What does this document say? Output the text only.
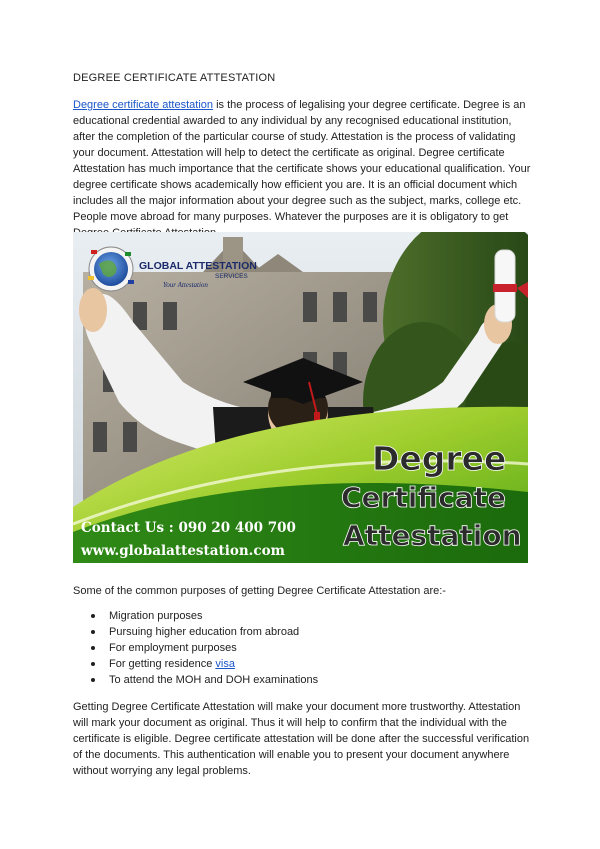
DEGREE CERTIFICATE ATTESTATION
Degree certificate attestation is the process of legalising your degree certificate. Degree is an educational credential awarded to any individual by any recognised educational institution, after the completion of the particular course of study. Attestation is the process of validating your document. Attestation will help to detect the certificate as original. Degree certificate Attestation has much importance that the certificate shows your educational qualification. Your degree certificate shows academically how efficient you are. It is an official document which includes all the major information about your degree such as the subject, marks, college etc. People move abroad for many purposes. Whatever the purposes are it is obligatory to get
GLOBAL ATTESTATION
SERVICES
Your Attestation
Degree
Certificate
Attestation
Contact Us : 090 20 400 700
www.globalattestation.com
Some of the common purposes of getting Degree Certificate Attestation are:-
Migration purposes
Pursuing higher education from abroad
For employment purposes
For getting residence visa
To attend the MOH and DOH examinations
Getting Degree Certificate Attestation will make your document more trustworthy. Attestation will mark your document as original. Thus it will help to confirm that the individual with the certificate is eligible. Degree certificate attestation will be done after the successful verification of the documents. This authentication will enable you to present your document anywhere without worrying any legal problems.
